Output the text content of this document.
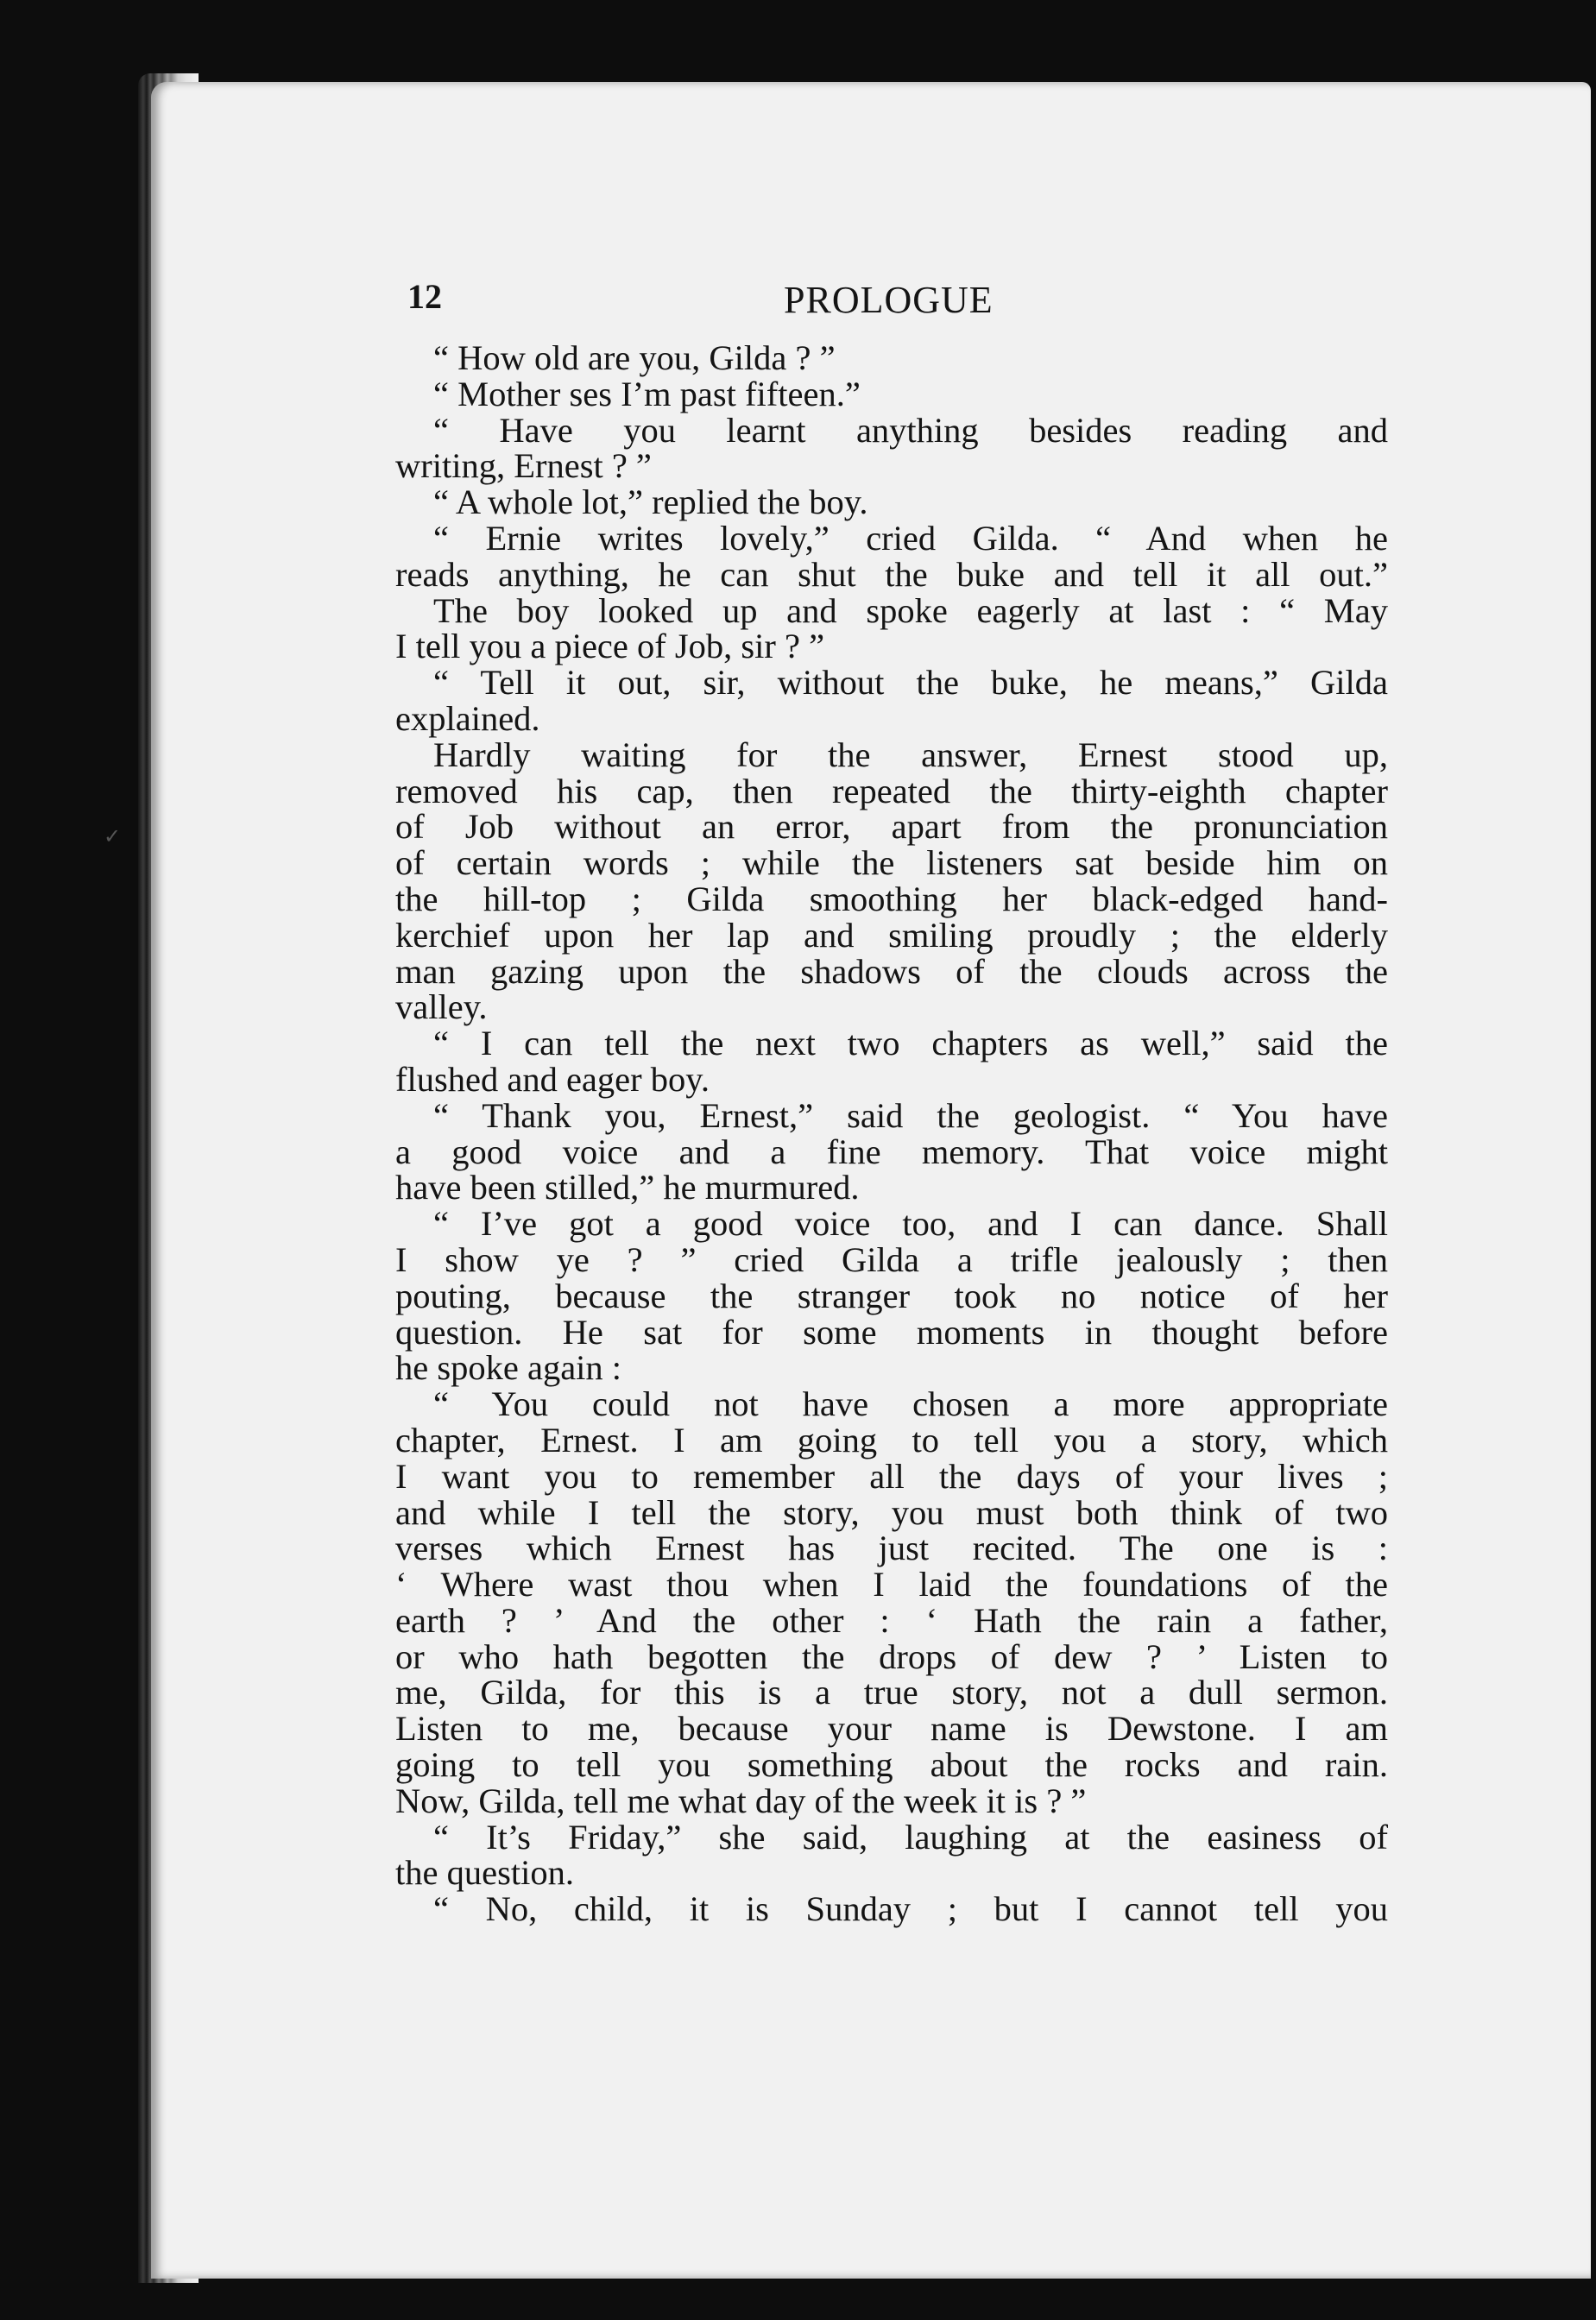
12	PROLOGUE
“ How old are you, Gilda ? ”
“ Mother ses I’m past fifteen.”
“ Have you learnt anything besides reading and
writing, Ernest ? ”
“ A whole lot,” replied the boy.
“ Ernie writes lovely,” cried Gilda. “ And when he
reads anything, he can shut the buke and tell it all out.”
The boy looked up and spoke eagerly at last : “ May
I tell you a piece of Job, sir ? ”
“ Tell it out, sir, without the buke, he means,” Gilda
explained.
Hardly waiting for the answer, Ernest stood up,
removed his cap, then repeated the thirty-eighth chapter
of Job without an error, apart from the pronunciation
of certain words ; while the listeners sat beside him on
the hill-top ; Gilda smoothing her black-edged hand-
kerchief upon her lap and smiling proudly ; the elderly
man gazing upon the shadows of the clouds across the
valley.
“ I can tell the next two chapters as well,” said the
flushed and eager boy.
“ Thank you, Ernest,” said the geologist. “ You have
a good voice and a fine memory. That voice might
have been stilled,” he murmured.
“ I’ve got a good voice too, and I can dance. Shall
I show ye ? ” cried Gilda a trifle jealously ; then
pouting, because the stranger took no notice of her
question. He sat for some moments in thought before
he spoke again :
“ You could not have chosen a more appropriate
chapter, Ernest. I am going to tell you a story, which
I want you to remember all the days of your lives ;
and while I tell the story, you must both think of two
verses which Ernest has just recited. The one is :
‘ Where wast thou when I laid the foundations of the
earth ? ’ And the other : ‘ Hath the rain a father,
or who hath begotten the drops of dew ? ’ Listen to
me, Gilda, for this is a true story, not a dull sermon.
Listen to me, because your name is Dewstone. I am
going to tell you something about the rocks and rain.
Now, Gilda, tell me what day of the week it is ? ”
“ It’s Friday,” she said, laughing at the easiness of
the question.
“ No, child, it is Sunday ; but I cannot tell you
✓
